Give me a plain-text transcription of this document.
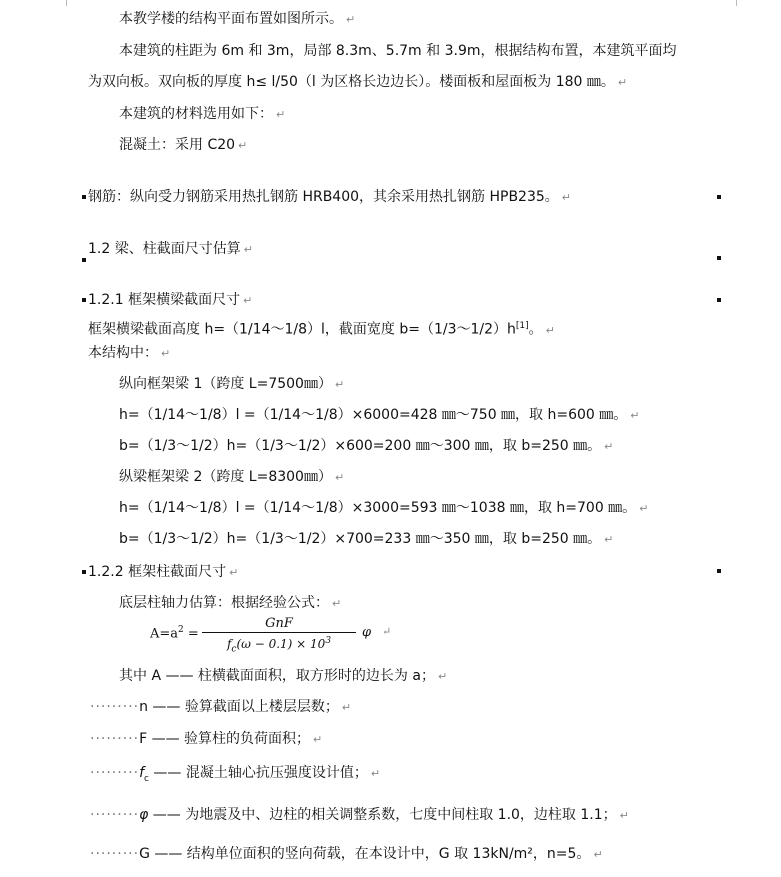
本教学楼的结构平面布置如图所示。 ↵
本建筑的柱距为 6m 和 3m，局部 8.3m、5.7m 和 3.9m，根据结构布置，本建筑平面均
为双向板。双向板的厚度 h≤ l/50（l 为区格长边边长）。楼面板和屋面板为 180 ㎜。 ↵
本建筑的材料选用如下： ↵
混凝土：采用 C20 ↵
钢筋：纵向受力钢筋采用热扎钢筋 HRB400，其余采用热扎钢筋 HPB235。 ↵
1.2 梁、柱截面尺寸估算 ↵
1.2.1 框架横梁截面尺寸 ↵
框架横梁截面高度 h=（1/14～1/8）l，截面宽度 b=（1/3～1/2）h[1]。 ↵
本结构中： ↵
纵向框架梁 1（跨度 L=7500㎜） ↵
h=（1/14～1/8）l =（1/14～1/8）×6000=428 ㎜～750 ㎜，取 h=600 ㎜。 ↵
b=（1/3～1/2）h=（1/3～1/2）×600=200 ㎜～300 ㎜，取 b=250 ㎜。 ↵
纵梁框架梁 2（跨度 L=8300㎜） ↵
h=（1/14～1/8）l =（1/14～1/8）×3000=593 ㎜～1038 ㎜，取 h=700 ㎜。 ↵
b=（1/3～1/2）h=（1/3～1/2）×700=233 ㎜～350 ㎜，取 b=250 ㎜。 ↵
1.2.2 框架柱截面尺寸 ↵
底层柱轴力估算：根据经验公式： ↵
$A=a^2$ =
GnF
$f_c(\omega - 0.1) \times 10^3$
φ ↵
其中 A —— 柱横截面面积，取方形时的边长为 a； ↵
·········n —— 验算截面以上楼层层数； ↵
·········F —— 验算柱的负荷面积； ↵
$\cdot\cdot\cdot\cdot\cdot\cdot\cdot\cdot\cdot f_c$ —— 混凝土轴心抗压强度设计值； ↵
·········φ —— 为地震及中、边柱的相关调整系数，七度中间柱取 1.0，边柱取 1.1； ↵
·········G —— 结构单位面积的竖向荷载，在本设计中，G 取 13kN/m²，n=5。 ↵
